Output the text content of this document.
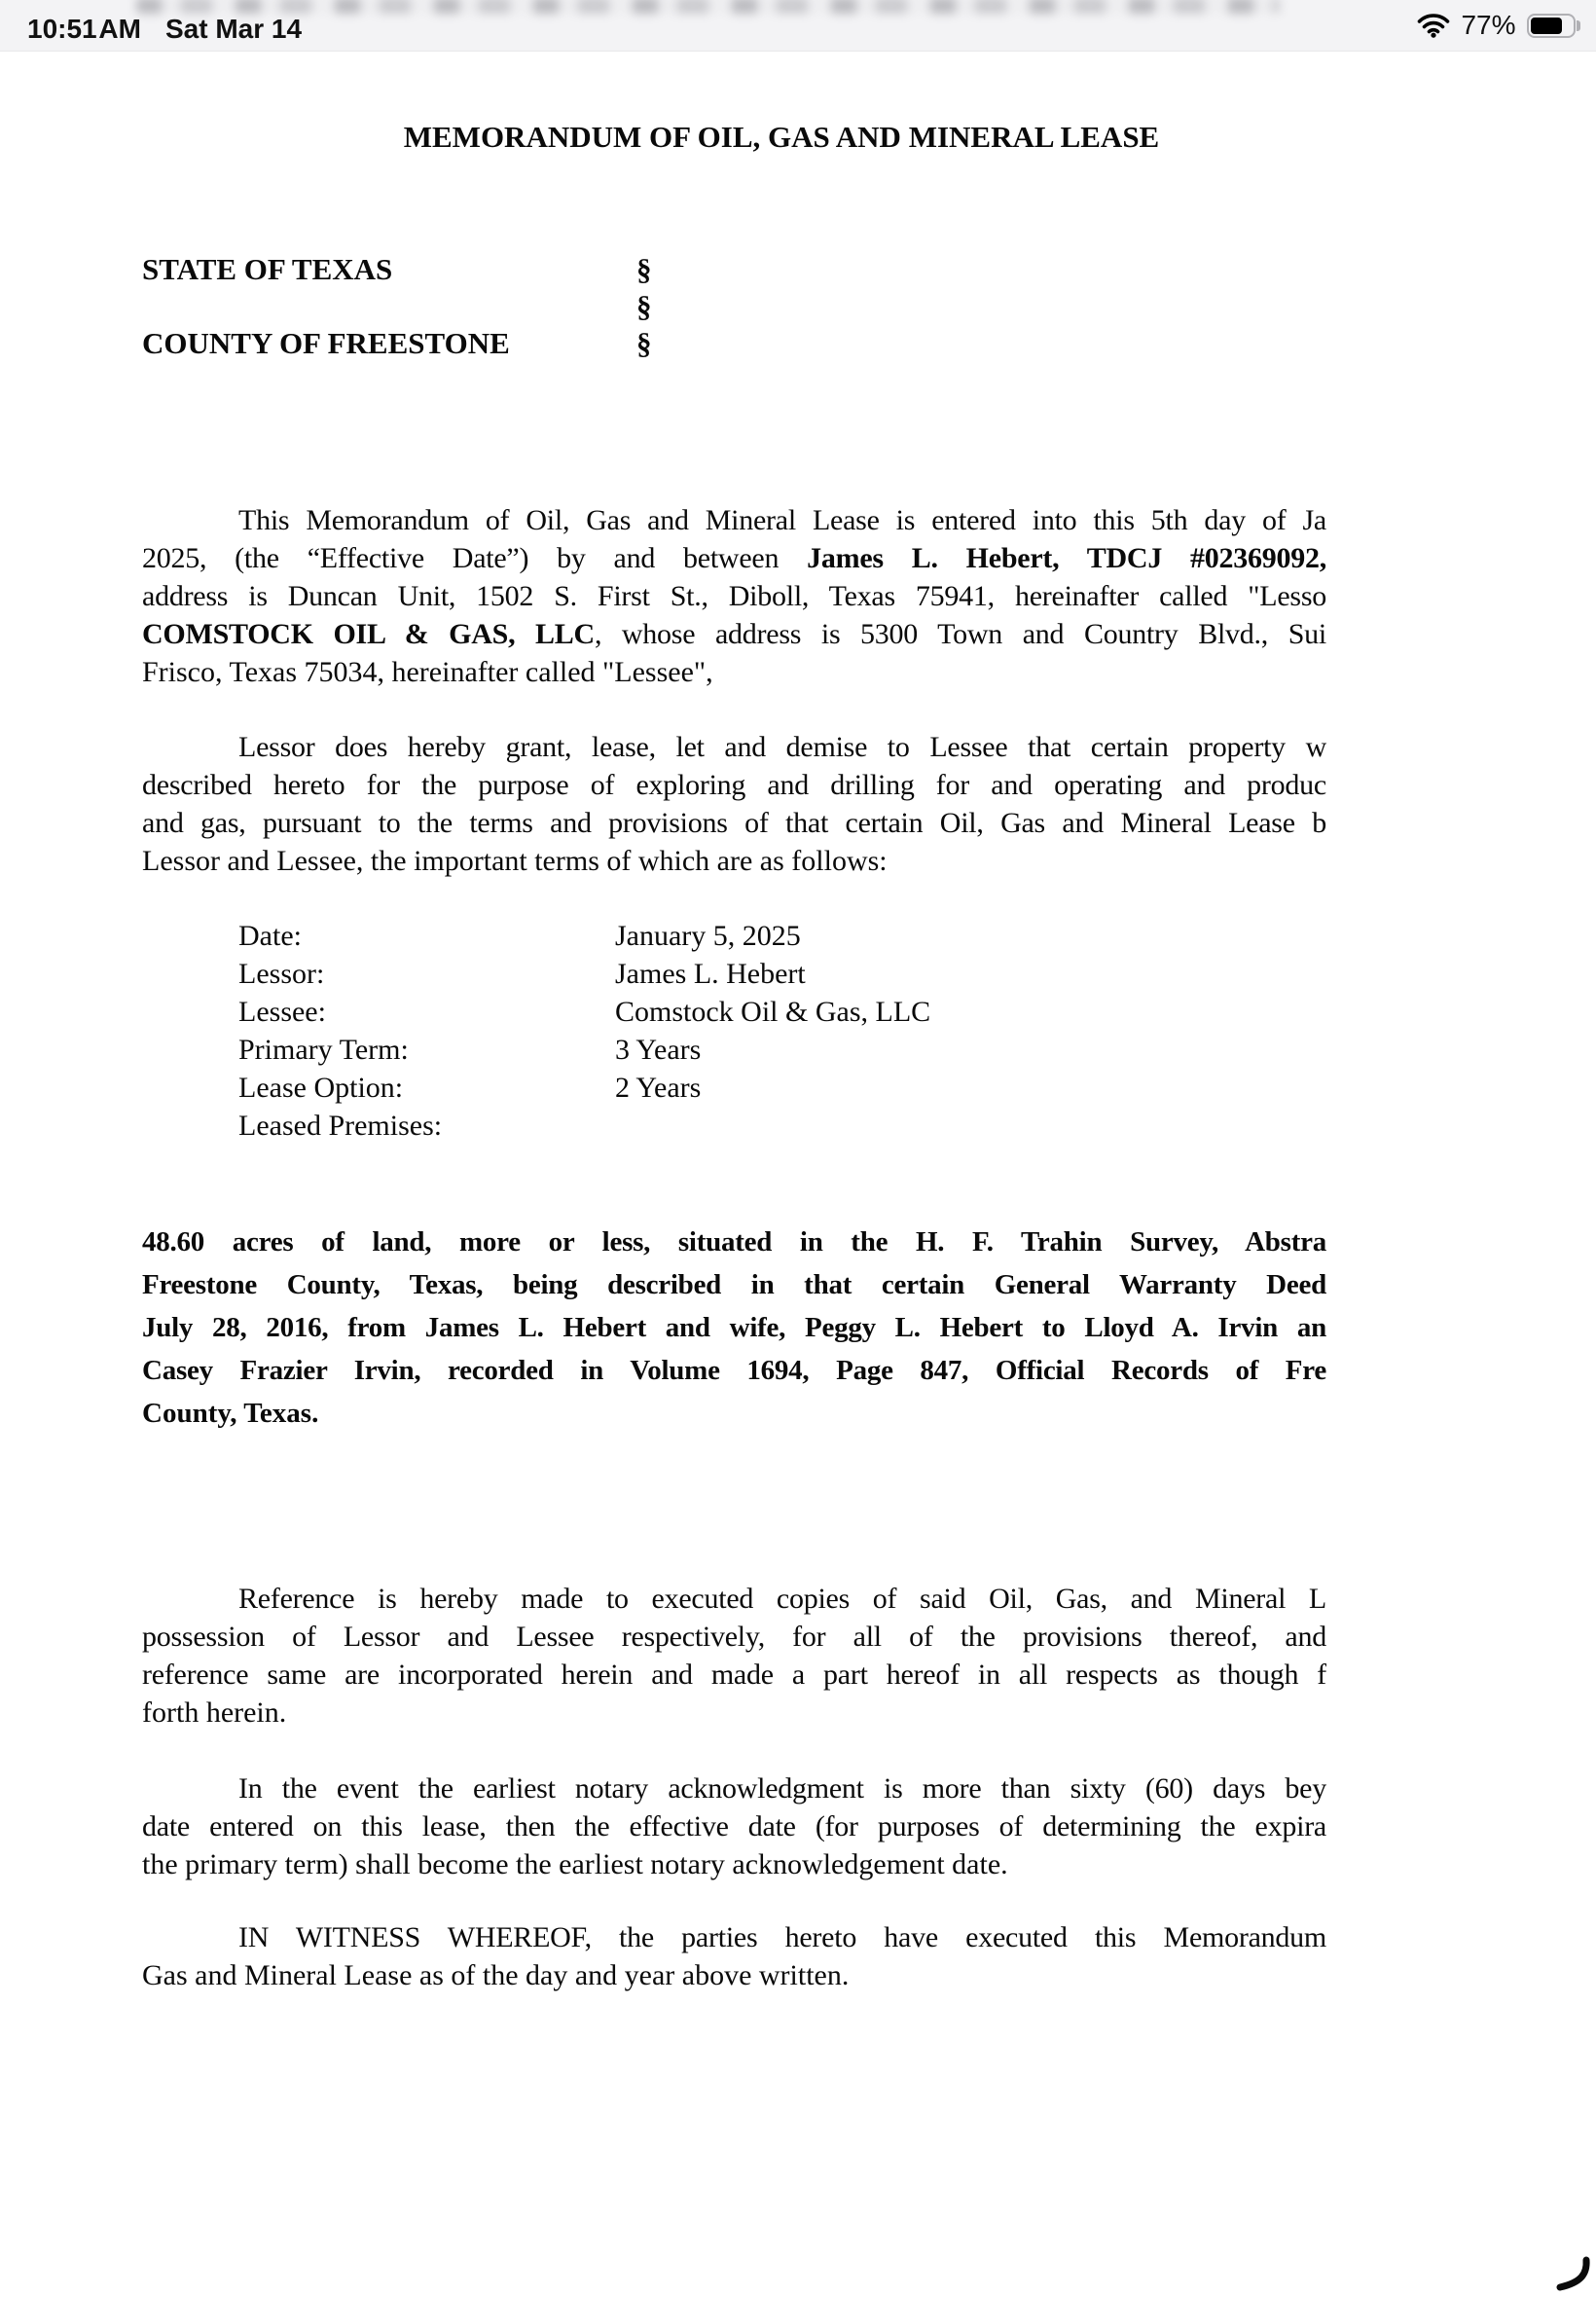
10:51 AM Sat Mar 14	77%
MEMORANDUM OF OIL, GAS AND MINERAL LEASE
STATE OF TEXAS	§
§
COUNTY OF FREESTONE	§
This Memorandum of Oil, Gas and Mineral Lease is entered into this 5th day of Ja
2025, (the “Effective Date”) by and between James L. Hebert, TDCJ #02369092,
address is Duncan Unit, 1502 S. First St., Diboll, Texas 75941, hereinafter called "Lesso
COMSTOCK OIL & GAS, LLC, whose address is 5300 Town and Country Blvd., Sui
Frisco, Texas 75034, hereinafter called "Lessee",
Lessor does hereby grant, lease, let and demise to Lessee that certain property w
described hereto for the purpose of exploring and drilling for and operating and produc
and gas, pursuant to the terms and provisions of that certain Oil, Gas and Mineral Lease b
Lessor and Lessee, the important terms of which are as follows:
Date:	January 5, 2025
Lessor:	James L. Hebert
Lessee:	Comstock Oil & Gas, LLC
Primary Term:	3 Years
Lease Option:	2 Years
Leased Premises:
48.60 acres of land, more or less, situated in the H. F. Trahin Survey, Abstra
Freestone County, Texas, being described in that certain General Warranty Deed
July 28, 2016, from James L. Hebert and wife, Peggy L. Hebert to Lloyd A. Irvin an
Casey Frazier Irvin, recorded in Volume 1694, Page 847, Official Records of Fre
County, Texas.
Reference is hereby made to executed copies of said Oil, Gas, and Mineral L
possession of Lessor and Lessee respectively, for all of the provisions thereof, and
reference same are incorporated herein and made a part hereof in all respects as though f
forth herein.
In the event the earliest notary acknowledgment is more than sixty (60) days bey
date entered on this lease, then the effective date (for purposes of determining the expira
the primary term) shall become the earliest notary acknowledgement date.
IN WITNESS WHEREOF, the parties hereto have executed this Memorandum
Gas and Mineral Lease as of the day and year above written.
